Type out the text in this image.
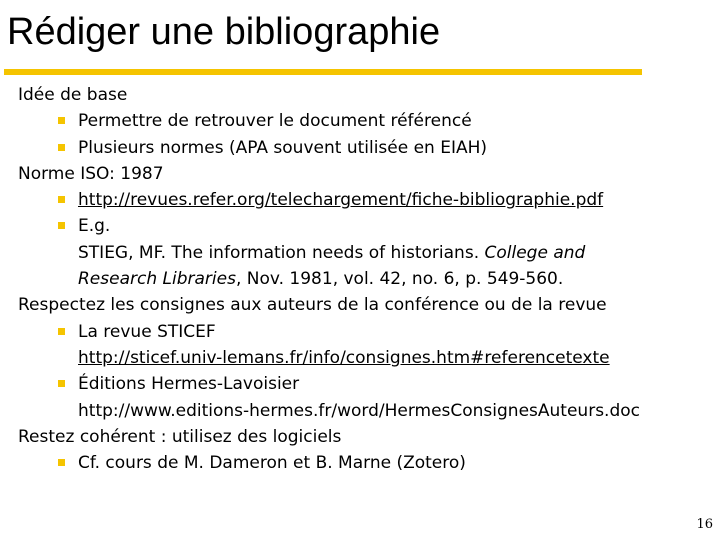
Rédiger une bibliographie
Idée de base
Permettre de retrouver le document référencé
Plusieurs normes (APA souvent utilisée en EIAH)
Norme ISO: 1987
http://revues.refer.org/telechargement/fiche-bibliographie.pdf
E.g.
STIEG, MF. The information needs of historians. College and
Research Libraries, Nov. 1981, vol. 42, no. 6, p. 549-560.
Respectez les consignes aux auteurs de la conférence ou de la revue
La revue STICEF
http://sticef.univ-lemans.fr/info/consignes.htm#referencetexte
Éditions Hermes-Lavoisier
http://www.editions-hermes.fr/word/HermesConsignesAuteurs.doc
Restez cohérent : utilisez des logiciels
Cf. cours de M. Dameron et B. Marne (Zotero)
16
